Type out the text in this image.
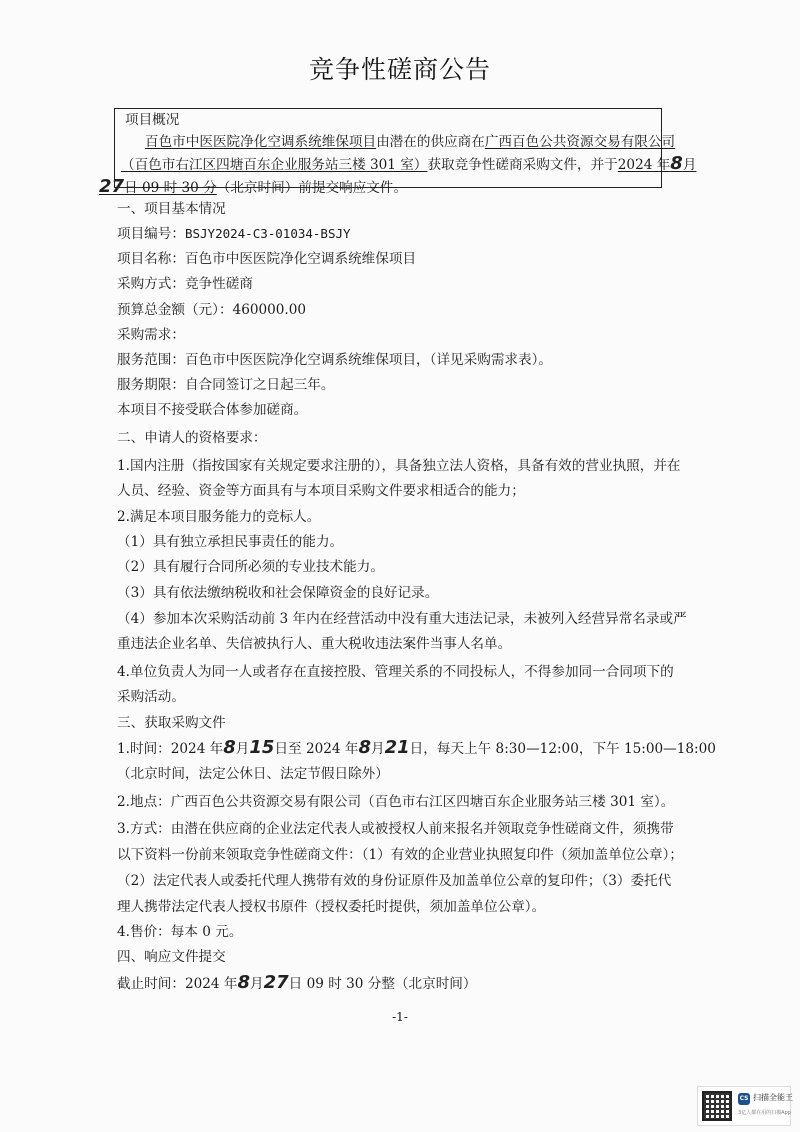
竞争性磋商公告
项目概况
百色市中医医院净化空调系统维保项目由潜在的供应商在广西百色公共资源交易有限公司
（百色市右江区四塘百东企业服务站三楼 301 室）获取竞争性磋商采购文件，并于2024 年8月
27日 09 时 30 分（北京时间）前提交响应文件。
一、项目基本情况
项目编号：BSJY2024-C3-01034-BSJY
项目名称：百色市中医医院净化空调系统维保项目
采购方式：竞争性磋商
预算总金额（元）：460000.00
采购需求：
服务范围：百色市中医医院净化空调系统维保项目，（详见采购需求表）。
服务期限：自合同签订之日起三年。
本项目不接受联合体参加磋商。
二、申请人的资格要求：
1.国内注册（指按国家有关规定要求注册的），具备独立法人资格，具备有效的营业执照，并在
人员、经验、资金等方面具有与本项目采购文件要求相适合的能力；
2.满足本项目服务能力的竞标人。
（1）具有独立承担民事责任的能力。
（2）具有履行合同所必须的专业技术能力。
（3）具有依法缴纳税收和社会保障资金的良好记录。
（4）参加本次采购活动前 3 年内在经营活动中没有重大违法记录，未被列入经营异常名录或严
重违法企业名单、失信被执行人、重大税收违法案件当事人名单。
4.单位负责人为同一人或者存在直接控股、管理关系的不同投标人，不得参加同一合同项下的
采购活动。
三、获取采购文件
1.时间：2024 年8月15日至 2024 年8月21日，每天上午 8:30—12:00，下午 15:00—18:00
（北京时间，法定公休日、法定节假日除外）
2.地点：广西百色公共资源交易有限公司（百色市右江区四塘百东企业服务站三楼 301 室）。
3.方式：由潜在供应商的企业法定代表人或被授权人前来报名并领取竞争性磋商文件，须携带
以下资料一份前来领取竞争性磋商文件：（1）有效的企业营业执照复印件（须加盖单位公章）；
（2）法定代表人或委托代理人携带有效的身份证原件及加盖单位公章的复印件；（3）委托代
理人携带法定代表人授权书原件（授权委托时提供，须加盖单位公章）。
4.售价：每本 0 元。
四、响应文件提交
截止时间：2024 年8月27日 09 时 30 分整（北京时间）
-1-
CS 扫描全能王
3亿人都在用的扫描App
